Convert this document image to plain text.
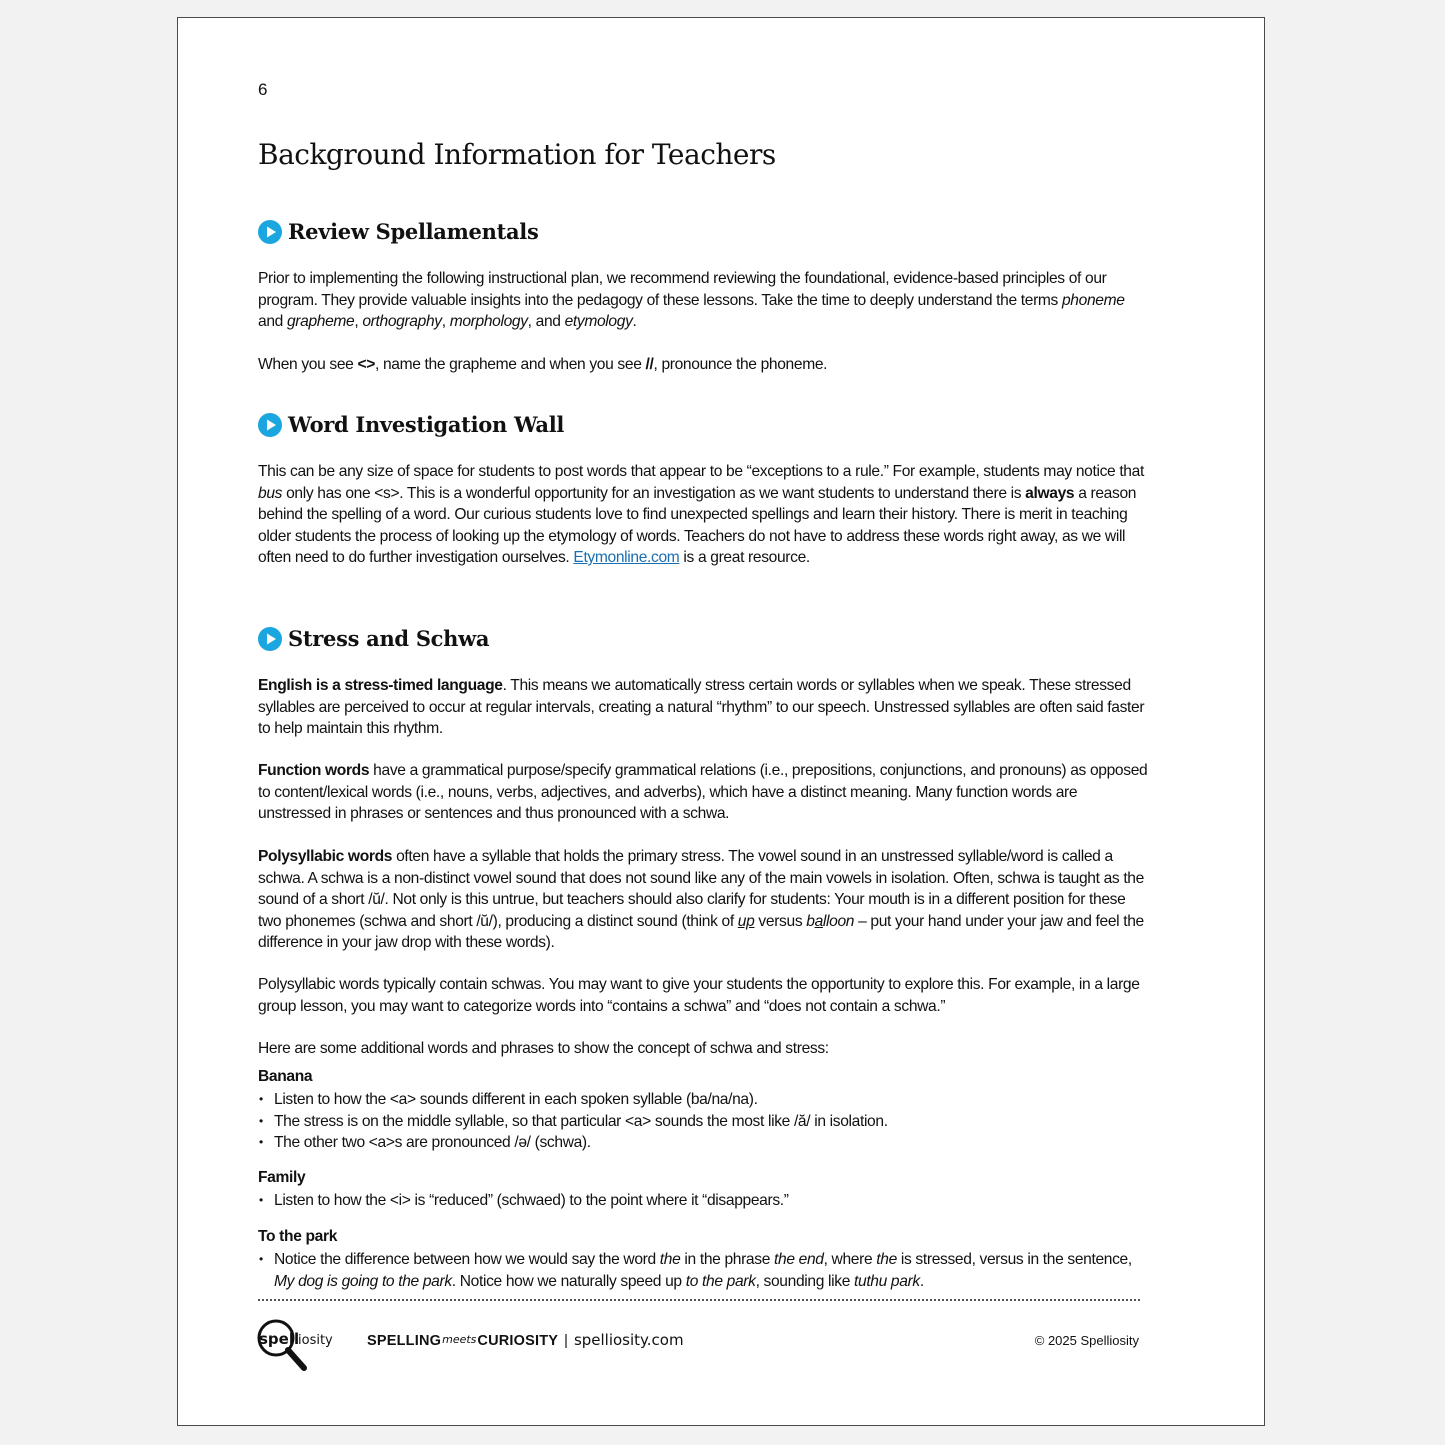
6
Background Information for Teachers
Review Spellamentals

Prior to implementing the following instructional plan, we recommend reviewing the foundational, evidence-based principles of our program. They provide valuable insights into the pedagogy of these lessons. Take the time to deeply understand the terms phoneme and grapheme, orthography, morphology, and etymology.

When you see <>, name the grapheme and when you see //, pronounce the phoneme.

Word Investigation Wall

This can be any size of space for students to post words that appear to be “exceptions to a rule.” For example, students may notice that bus only has one <s>. This is a wonderful opportunity for an investigation as we want students to understand there is always a reason behind the spelling of a word. Our curious students love to find unexpected spellings and learn their history. There is merit in teaching older students the process of looking up the etymology of words. Teachers do not have to address these words right away, as we will often need to do further investigation ourselves. Etymonline.com is a great resource.

Stress and Schwa

English is a stress-timed language. This means we automatically stress certain words or syllables when we speak. These stressed syllables are perceived to occur at regular intervals, creating a natural “rhythm” to our speech. Unstressed syllables are often said faster to help maintain this rhythm.

Function words have a grammatical purpose/specify grammatical relations (i.e., prepositions, conjunctions, and pronouns) as opposed to content/lexical words (i.e., nouns, verbs, adjectives, and adverbs), which have a distinct meaning. Many function words are unstressed in phrases or sentences and thus pronounced with a schwa.

Polysyllabic words often have a syllable that holds the primary stress. The vowel sound in an unstressed syllable/word is called a schwa. A schwa is a non-distinct vowel sound that does not sound like any of the main vowels in isolation. Often, schwa is taught as the sound of a short /ŭ/. Not only is this untrue, but teachers should also clarify for students: Your mouth is in a different position for these two phonemes (schwa and short /ŭ/), producing a distinct sound (think of up versus balloon – put your hand under your jaw and feel the difference in your jaw drop with these words).

Polysyllabic words typically contain schwas. You may want to give your students the opportunity to explore this. For example, in a large group lesson, you may want to categorize words into “contains a schwa” and “does not contain a schwa.”

Here are some additional words and phrases to show the concept of schwa and stress:

Banana
• Listen to how the <a> sounds different in each spoken syllable (ba/na/na).
• The stress is on the middle syllable, so that particular <a> sounds the most like /ă/ in isolation.
• The other two <a>s are pronounced /ə/ (schwa).
Family
• Listen to how the <i> is “reduced” (schwaed) to the point where it “disappears.”
To the park
• Notice the difference between how we would say the word the in the phrase the end, where the is stressed, versus in the sentence, My dog is going to the park. Notice how we naturally speed up to the park, sounding like tuthu park.
spell
iosity SPELLING meets CURIOSITY | spelliosity.com	© 2025 Spelliosity
